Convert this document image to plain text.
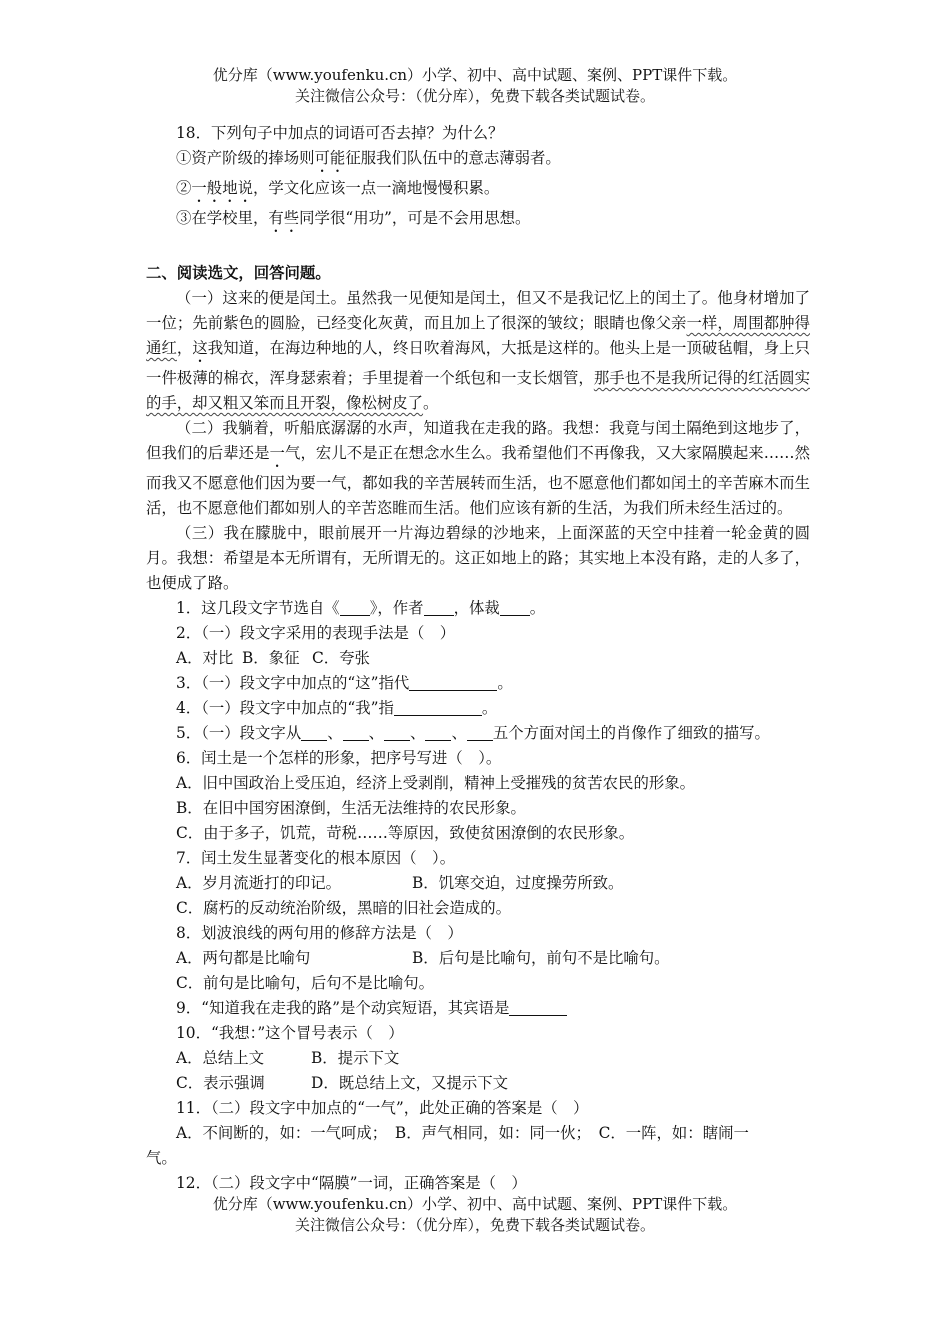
优分库（www.youfenku.cn）小学、初中、高中试题、案例、PPT课件下载。
关注微信公众号：（优分库），免费下载各类试题试卷。

18．下列句子中加点的词语可否去掉？为什么？

①资产阶级的捧场则可能征服我们队伍中的意志薄弱者。

②一般地说，学文化应该一点一滴地慢慢积累。

③在学校里，有些同学很“用功”，可是不会用思想。

二、阅读选文，回答问题。

（一）这来的便是闰土。虽然我一见便知是闰土，但又不是我记忆上的闰土了。他身材增加了一位；先前紫色的圆脸，已经变化灰黄，而且加上了很深的皱纹；眼睛也像父亲一样，周围都肿得通红，这我知道，在海边种地的人，终日吹着海风，大抵是这样的。他头上是一顶破毡帽，身上只一件极薄的棉衣，浑身瑟索着；手里提着一个纸包和一支长烟管，那手也不是我所记得的红活圆实的手，却又粗又笨而且开裂，像松树皮了。

（二）我躺着，听船底潺潺的水声，知道我在走我的路。我想：我竟与闰土隔绝到这地步了，但我们的后辈还是一气，宏儿不是正在想念水生么。我希望他们不再像我，又大家隔膜起来……然而我又不愿意他们因为要一气，都如我的辛苦展转而生活，也不愿意他们都如闰土的辛苦麻木而生活，也不愿意他们都如别人的辛苦恣睢而生活。他们应该有新的生活，为我们所未经生活过的。

（三）我在朦胧中，眼前展开一片海边碧绿的沙地来，上面深蓝的天空中挂着一轮金黄的圆月。我想：希望是本无所谓有，无所谓无的。这正如地上的路；其实地上本没有路，走的人多了，也便成了路。

1．这几段文字节选自《 》，作者 ，体裁 。

2．（一）段文字采用的表现手法是（　）

A．对比 B．象征 C．夸张

3．（一）段文字中加点的“这”指代	。

4．（一）段文字中加点的“我”指	。

5．（一）段文字从 、 、 、 、 五个方面对闰土的肖像作了细致的描写。

6．闰土是一个怎样的形象，把序号写进（　）。

A．旧中国政治上受压迫，经济上受剥削，精神上受摧残的贫苦农民的形象。

B．在旧中国穷困潦倒，生活无法维持的农民形象。

C．由于多子，饥荒，苛税……等原因，致使贫困潦倒的农民形象。

7．闰土发生显著变化的根本原因（　）。

A．岁月流逝打的印记。	B．饥寒交迫，过度操劳所致。

C．腐朽的反动统治阶级，黑暗的旧社会造成的。

8．划波浪线的两句用的修辞方法是（　）

A．两句都是比喻句	B．后句是比喻句，前句不是比喻句。

C．前句是比喻句，后句不是比喻句。

9．“知道我在走我的路”是个动宾短语，其宾语是

10．“我想：”这个冒号表示（　）

A．总结上文	B．提示下文

C．表示强调	D．既总结上文，又提示下文

11．（二）段文字中加点的“一气”，此处正确的答案是（　）

A．不间断的，如：一气呵成；　B．声气相同，如：同一伙；　C．一阵，如：瞎闹一

气。

12．（二）段文字中“隔膜”一词，正确答案是（　）

优分库（www.youfenku.cn）小学、初中、高中试题、案例、PPT课件下载。
关注微信公众号：（优分库），免费下载各类试题试卷。
